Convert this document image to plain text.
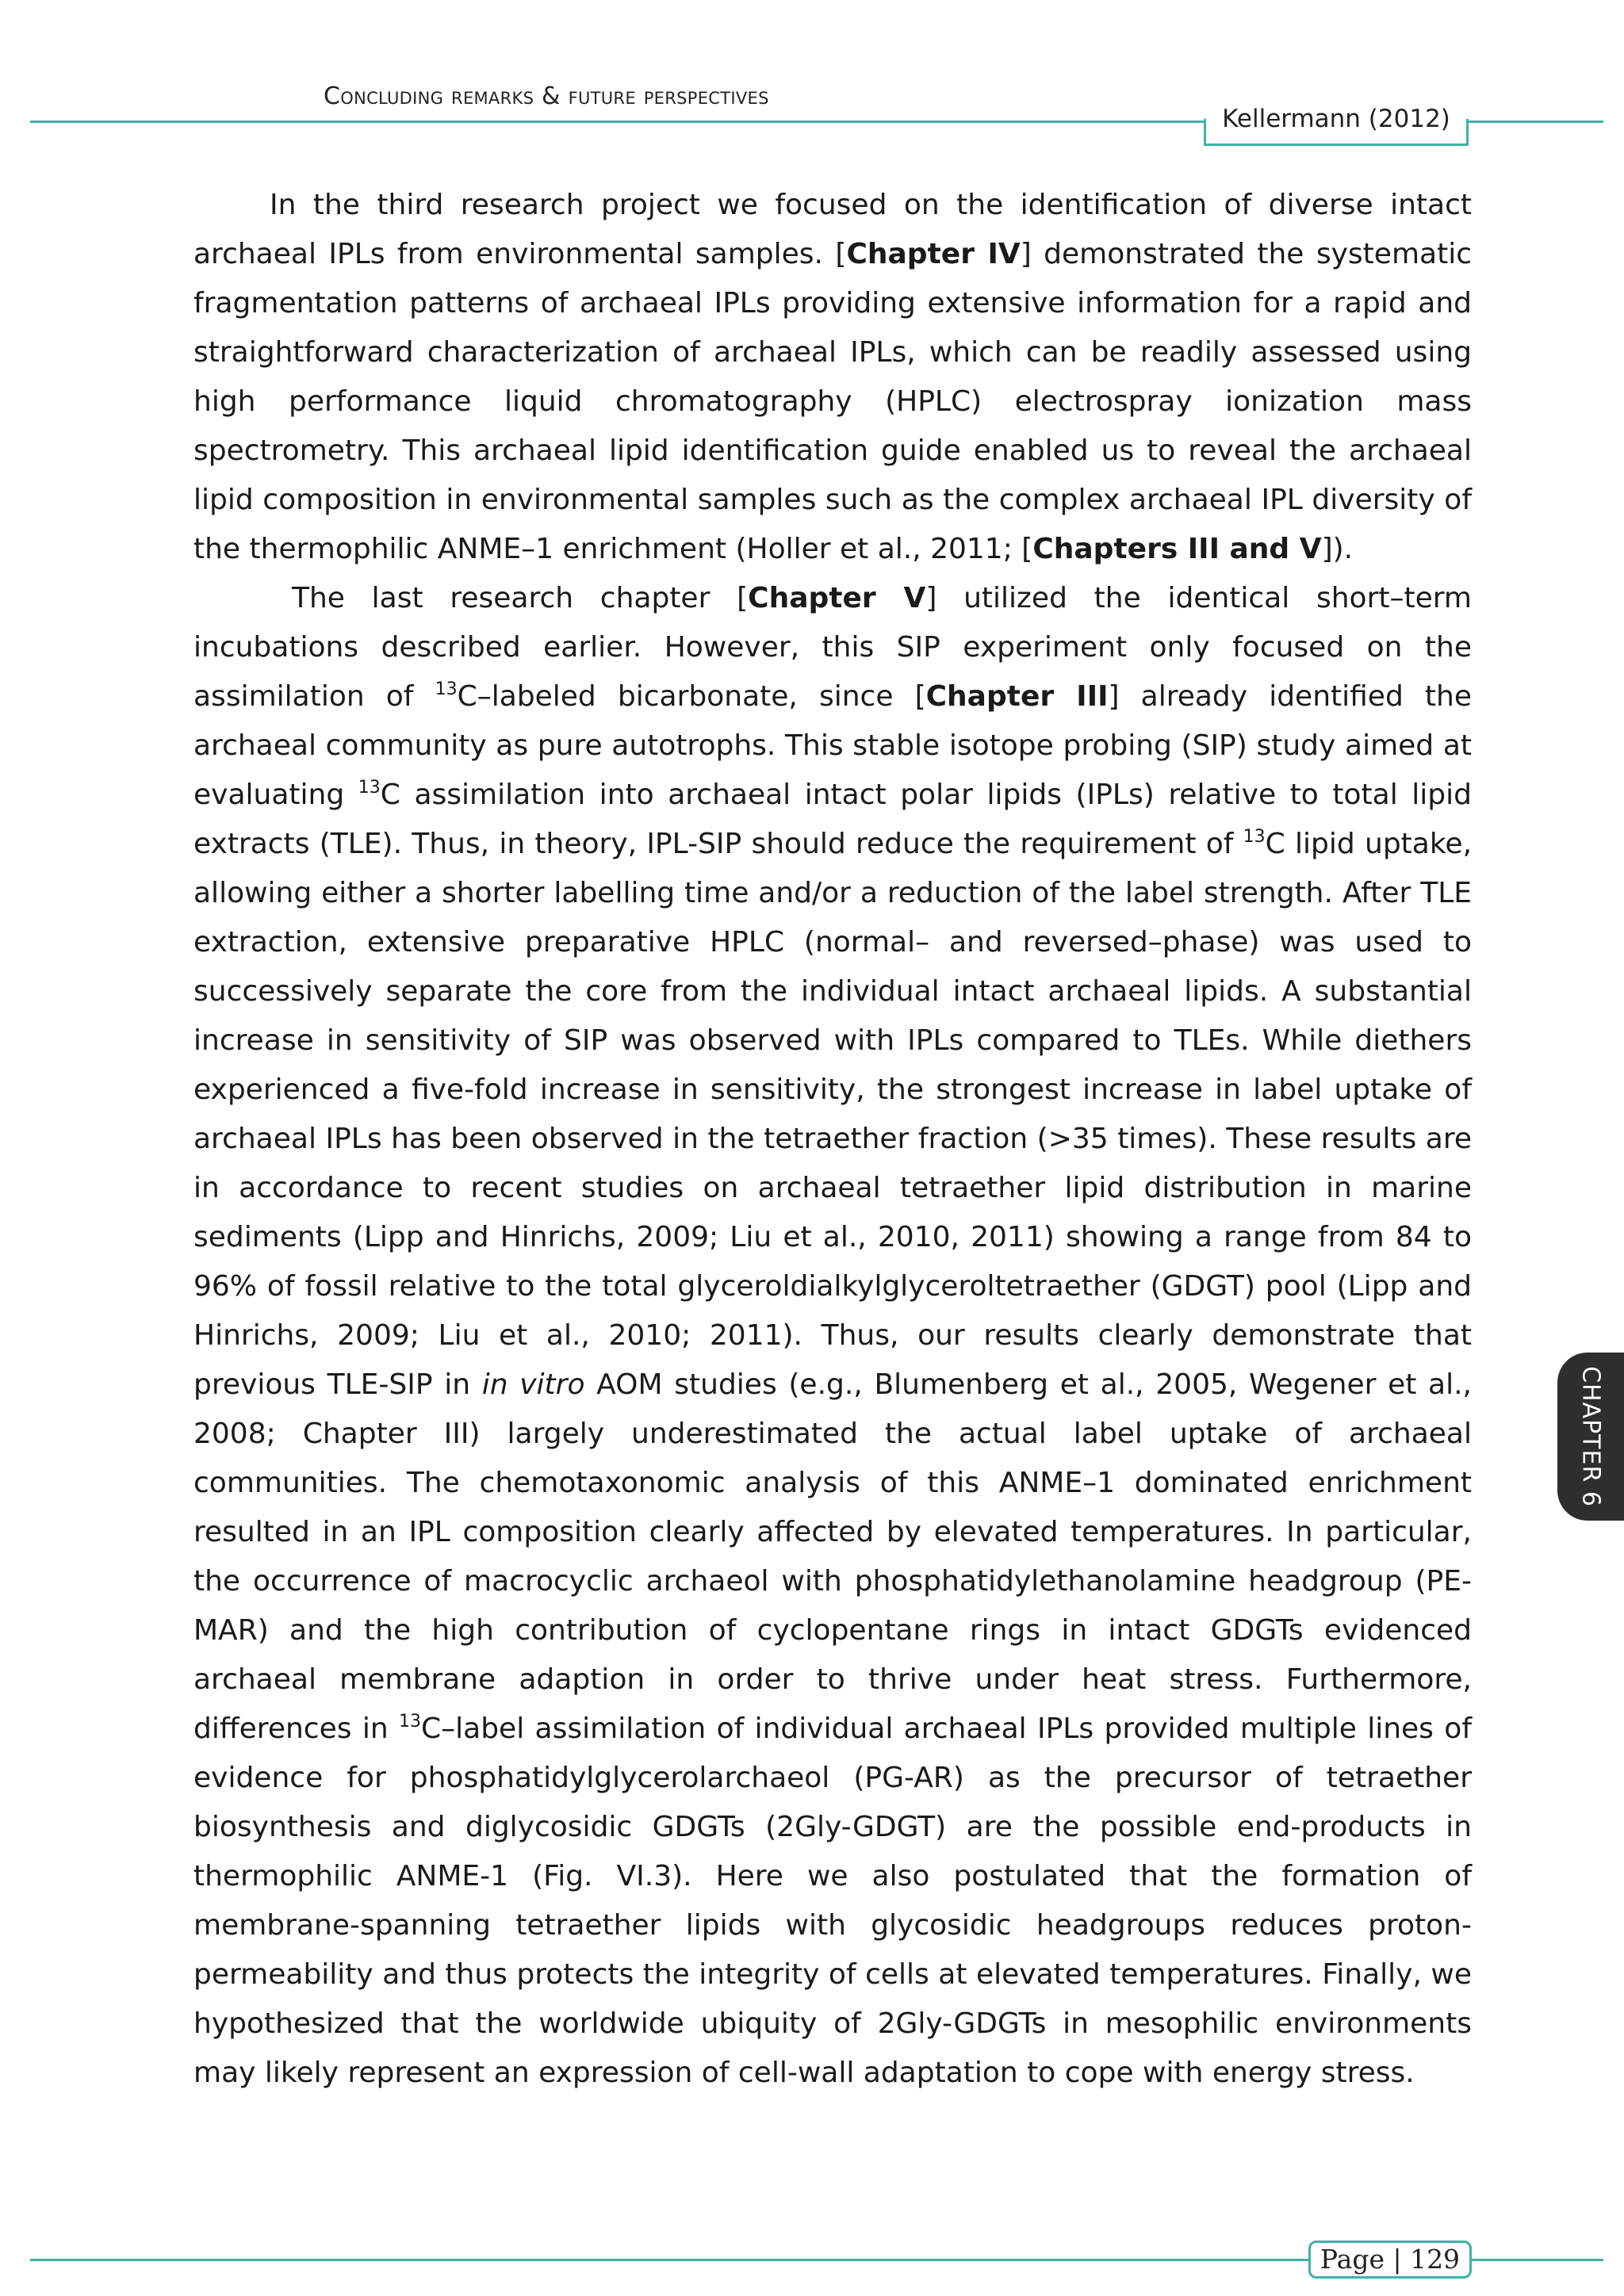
Concluding remarks & future perspectives
Kellermann (2012)

In the third research project we focused on the identification of diverse intact archaeal IPLs from environmental samples. [Chapter IV] demonstrated the systematic fragmentation patterns of archaeal IPLs providing extensive information for a rapid and straightforward characterization of archaeal IPLs, which can be readily assessed using high performance liquid chromatography (HPLC) electrospray ionization mass spectrometry. This archaeal lipid identification guide enabled us to reveal the archaeal lipid composition in environmental samples such as the complex archaeal IPL diversity of the thermophilic ANME–1 enrichment (Holler et al., 2011; [Chapters III and V]).

The last research chapter [Chapter V] utilized the identical short–term incubations described earlier. However, this SIP experiment only focused on the assimilation of $^{13}$C–labeled bicarbonate, since [Chapter III] already identified the archaeal community as pure autotrophs. This stable isotope probing (SIP) study aimed at evaluating $^{13}$C assimilation into archaeal intact polar lipids (IPLs) relative to total lipid extracts (TLE). Thus, in theory, IPL-SIP should reduce the requirement of $^{13}$C lipid uptake, allowing either a shorter labelling time and/or a reduction of the label strength. After TLE extraction, extensive preparative HPLC (normal– and reversed–phase) was used to successively separate the core from the individual intact archaeal lipids. A substantial increase in sensitivity of SIP was observed with IPLs compared to TLEs. While diethers experienced a five-fold increase in sensitivity, the strongest increase in label uptake of archaeal IPLs has been observed in the tetraether fraction (>35 times). These results are in accordance to recent studies on archaeal tetraether lipid distribution in marine sediments (Lipp and Hinrichs, 2009; Liu et al., 2010, 2011) showing a range from 84 to 96% of fossil relative to the total glyceroldialkylglyceroltetraether (GDGT) pool (Lipp and Hinrichs, 2009; Liu et al., 2010; 2011). Thus, our results clearly demonstrate that previous TLE-SIP in in vitro AOM studies (e.g., Blumenberg et al., 2005, Wegener et al., 2008; Chapter III) largely underestimated the actual label uptake of archaeal communities. The chemotaxonomic analysis of this ANME–1 dominated enrichment resulted in an IPL composition clearly affected by elevated temperatures. In particular, the occurrence of macrocyclic archaeol with phosphatidylethanolamine headgroup (PE-MAR) and the high contribution of cyclopentane rings in intact GDGTs evidenced archaeal membrane adaption in order to thrive under heat stress. Furthermore, differences in $^{13}$C–label assimilation of individual archaeal IPLs provided multiple lines of evidence for phosphatidylglycerolarchaeol (PG-AR) as the precursor of tetraether biosynthesis and diglycosidic GDGTs (2Gly-GDGT) are the possible end-products in thermophilic ANME-1 (Fig. VI.3). Here we also postulated that the formation of membrane-spanning tetraether lipids with glycosidic headgroups reduces proton-permeability and thus protects the integrity of cells at elevated temperatures. Finally, we hypothesized that the worldwide ubiquity of 2Gly-GDGTs in mesophilic environments may likely represent an expression of cell-wall adaptation to cope with energy stress.

CHAPTER 6
Page | 129
